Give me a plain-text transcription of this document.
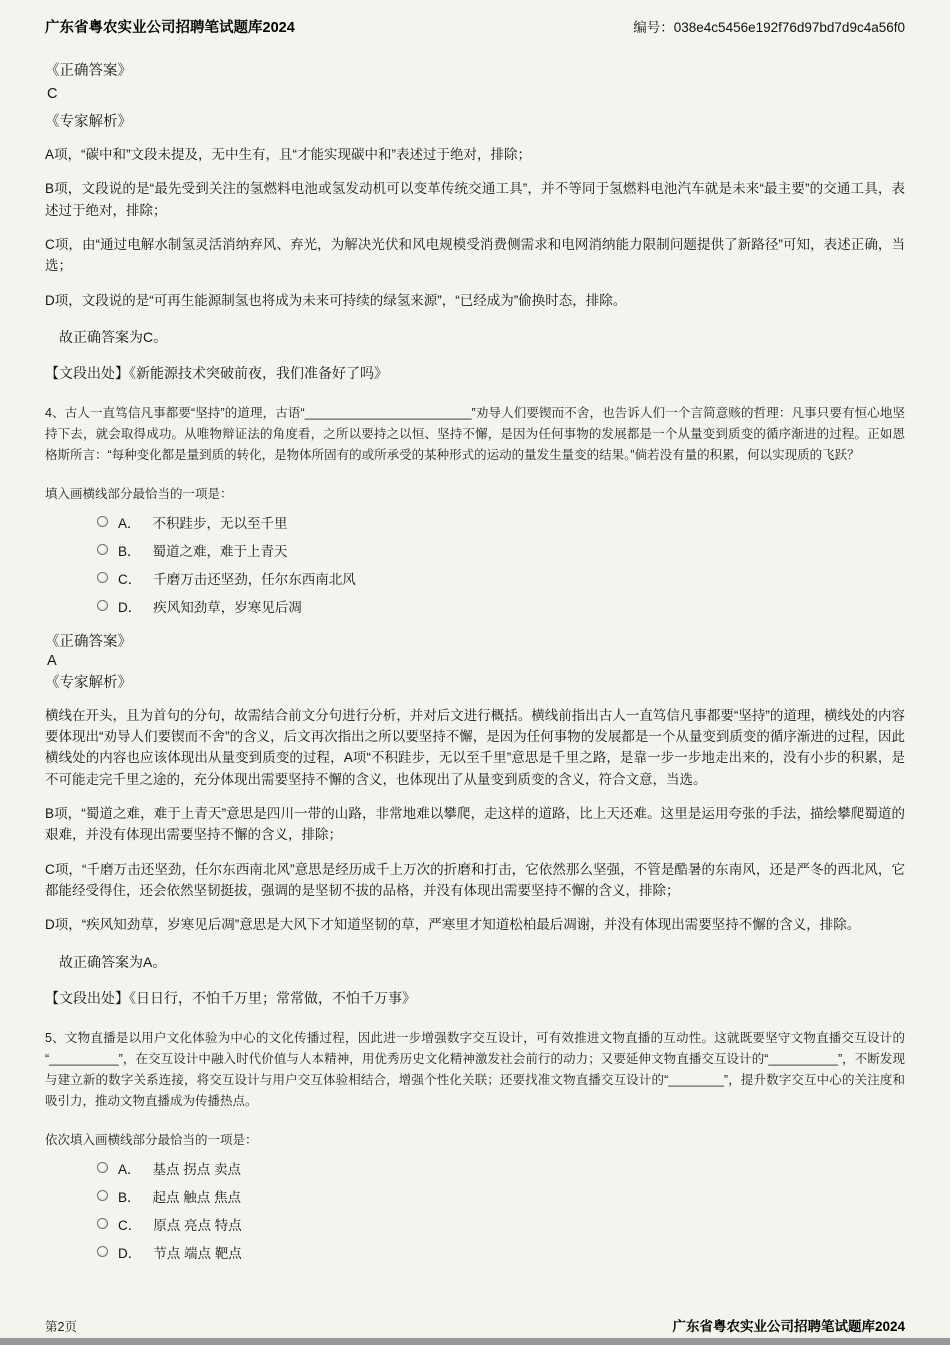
广东省粤农实业公司招聘笔试题库2024	编号：038e4c5456e192f76d97bd7d9c4a56f0

《正确答案》

C

《专家解析》

A项，“碳中和”文段未提及，无中生有，且“才能实现碳中和”表述过于绝对，排除；

B项，文段说的是“最先受到关注的氢燃料电池或氢发动机可以变革传统交通工具”，并不等同于氢燃料电池汽车就是未来“最主要”的交通工具，表述过于绝对，排除；

C项，由“通过电解水制氢灵活消纳弃风、弃光，为解决光伏和风电规模受消费侧需求和电网消纳能力限制问题提供了新路径”可知，表述正确，当选；

D项，文段说的是“可再生能源制氢也将成为未来可持续的绿氢来源”，“已经成为”偷换时态，排除。

故正确答案为C。

【文段出处】《新能源技术突破前夜，我们准备好了吗》

4、古人一直笃信凡事都要“坚持”的道理，古语“________________________”劝导人们要锲而不舍，也告诉人们一个言简意赅的哲理：凡事只要有恒心地坚持下去，就会取得成功。从唯物辩证法的角度看，之所以要持之以恒、坚持不懈，是因为任何事物的发展都是一个从量变到质变的循序渐进的过程。正如恩格斯所言：“每种变化都是量到质的转化，是物体所固有的或所承受的某种形式的运动的量发生量变的结果。”倘若没有量的积累，何以实现质的飞跃？

填入画横线部分最恰当的一项是：

A． 不积跬步，无以至千里
B． 蜀道之难，难于上青天
C． 千磨万击还坚劲，任尔东西南北风
D． 疾风知劲草，岁寒见后凋

《正确答案》

A

《专家解析》

横线在开头，且为首句的分句，故需结合前文分句进行分析，并对后文进行概括。横线前指出古人一直笃信凡事都要“坚持”的道理，横线处的内容要体现出“劝导人们要锲而不舍”的含义，后文再次指出之所以要坚持不懈，是因为任何事物的发展都是一个从量变到质变的循序渐进的过程，因此横线处的内容也应该体现出从量变到质变的过程，A项“不积跬步，无以至千里”意思是千里之路，是靠一步一步地走出来的，没有小步的积累，是不可能走完千里之途的，充分体现出需要坚持不懈的含义，也体现出了从量变到质变的含义，符合文意，当选。

B项，“蜀道之难，难于上青天”意思是四川一带的山路，非常地难以攀爬，走这样的道路，比上天还难。这里是运用夸张的手法，描绘攀爬蜀道的艰难，并没有体现出需要坚持不懈的含义，排除；

C项，“千磨万击还坚劲，任尔东西南北风”意思是经历成千上万次的折磨和打击，它依然那么坚强，不管是酷暑的东南风，还是严冬的西北风，它都能经受得住，还会依然坚韧挺拔，强调的是坚韧不拔的品格，并没有体现出需要坚持不懈的含义，排除；

D项，“疾风知劲草，岁寒见后凋”意思是大风下才知道坚韧的草，严寒里才知道松柏最后凋谢，并没有体现出需要坚持不懈的含义，排除。

故正确答案为A。

【文段出处】《日日行，不怕千万里；常常做，不怕千万事》

5、文物直播是以用户文化体验为中心的文化传播过程，因此进一步增强数字交互设计，可有效推进文物直播的互动性。这就既要坚守文物直播交互设计的“__________”，在交互设计中融入时代价值与人本精神，用优秀历史文化精神激发社会前行的动力；又要延伸文物直播交互设计的“__________”，不断发现与建立新的数字关系连接，将交互设计与用户交互体验相结合，增强个性化关联；还要找准文物直播交互设计的“________”，提升数字交互中心的关注度和吸引力，推动文物直播成为传播热点。

依次填入画横线部分最恰当的一项是：

A． 基点 拐点 卖点
B． 起点 触点 焦点
C． 原点 亮点 特点
D． 节点 端点 靶点
第2页	广东省粤农实业公司招聘笔试题库2024
